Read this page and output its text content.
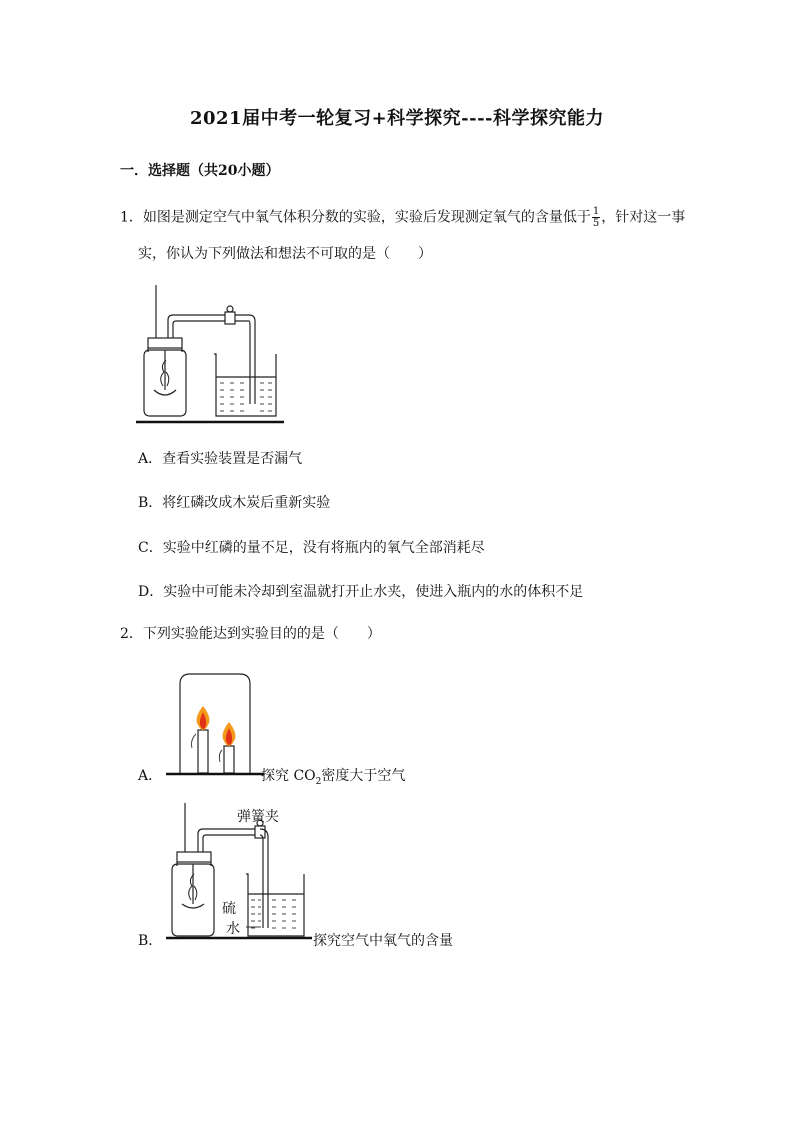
2021届中考一轮复习+科学探究----科学探究能力
一．选择题（共20小题）
1．如图是测定空气中氧气体积分数的实验，实验后发现测定氧气的含量低于 $\frac{1}{5}$ ，针对这一事
实，你认为下列做法和想法不可取的是（　　）
A．查看实验装置是否漏气
B．将红磷改成木炭后重新实验
C．实验中红磷的量不足，没有将瓶内的氧气全部消耗尽
D．实验中可能未冷却到室温就打开止水夹，使进入瓶内的水的体积不足
2．下列实验能达到实验目的的是（　　）
A．	探究 $CO_2$密度大于空气
弹簧夹
硫
水
B．	探究空气中氧气的含量
